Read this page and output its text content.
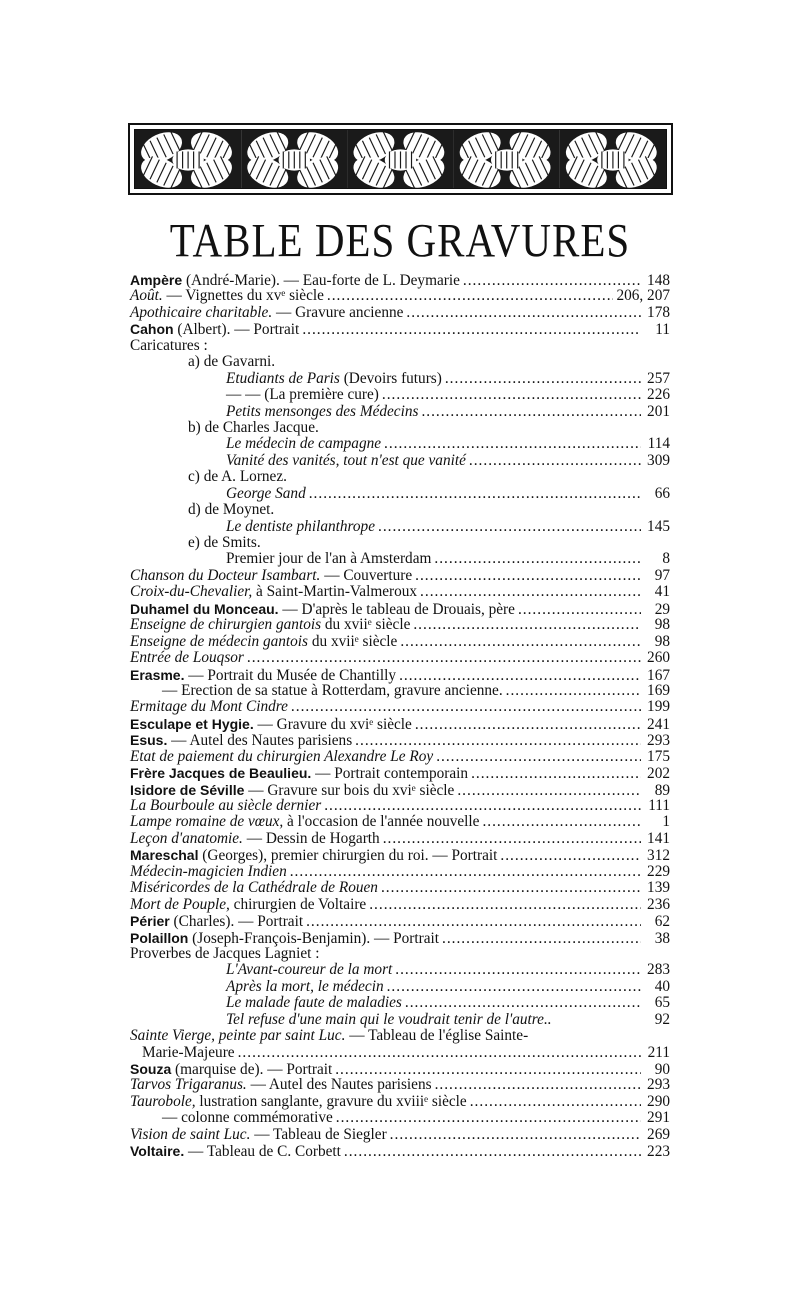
TABLE DES GRAVURES
Ampère (André-Marie). — Eau-forte de L. Deymarie .....	148
Août. — Vignettes du xvᵉ siècle .....	206, 207
Apothicaire charitable. — Gravure ancienne .....	178
Cahon (Albert). — Portrait .....	11
Caricatures :
a) de Gavarni.
Etudiants de Paris (Devoirs futurs) .....	257
— — (La première cure) .....	226
Petits mensonges des Médecins .....	201
b) de Charles Jacque.
Le médecin de campagne .....	114
Vanité des vanités, tout n'est que vanité .....	309
c) de A. Lornez.
George Sand .....	66
d) de Moynet.
Le dentiste philanthrope .....	145
e) de Smits.
Premier jour de l'an à Amsterdam .....	8
Chanson du Docteur Isambart. — Couverture .....	97
Croix-du-Chevalier, à Saint-Martin-Valmeroux .....	41
Duhamel du Monceau. — D'après le tableau de Drouais, père .....	29
Enseigne de chirurgien gantois du xviiᵉ siècle .....	98
Enseigne de médecin gantois du xviiᵉ siècle .....	98
Entrée de Louqsor .....	260
Erasme. — Portrait du Musée de Chantilly .....	167
— Erection de sa statue à Rotterdam, gravure ancienne. .....	169
Ermitage du Mont Cindre .....	199
Esculape et Hygie. — Gravure du xviᵉ siècle .....	241
Esus. — Autel des Nautes parisiens .....	293
Etat de paiement du chirurgien Alexandre Le Roy .....	175
Frère Jacques de Beaulieu. — Portrait contemporain .....	202
Isidore de Séville — Gravure sur bois du xviᵉ siècle .....	89
La Bourboule au siècle dernier .....	111
Lampe romaine de vœux, à l'occasion de l'année nouvelle .....	1
Leçon d'anatomie. — Dessin de Hogarth .....	141
Mareschal (Georges), premier chirurgien du roi. — Portrait .....	312
Médecin-magicien Indien .....	229
Miséricordes de la Cathédrale de Rouen .....	139
Mort de Pouple, chirurgien de Voltaire .....	236
Périer (Charles). — Portrait .....	62
Polaillon (Joseph-François-Benjamin). — Portrait .....	38
Proverbes de Jacques Lagniet :
L'Avant-coureur de la mort .....	283
Après la mort, le médecin .....	40
Le malade faute de maladies .....	65
Tel refuse d'une main qui le voudrait tenir de l'autre..	92
Sainte Vierge, peinte par saint Luc. — Tableau de l'église Sainte-
Marie-Majeure .....	211
Souza (marquise de). — Portrait .....	90
Tarvos Trigaranus. — Autel des Nautes parisiens .....	293
Taurobole, lustration sanglante, gravure du xviiiᵉ siècle .....	290
— colonne commémorative .....	291
Vision de saint Luc. — Tableau de Siegler .....	269
Voltaire. — Tableau de C. Corbett .....	223
